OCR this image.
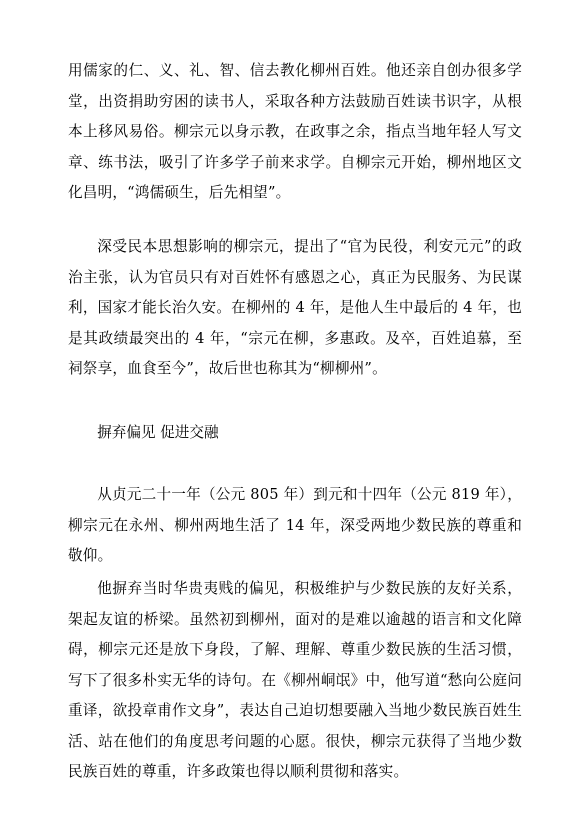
用儒家的仁、义、礼、智、信去教化柳州百姓。他还亲自创办很多学堂，出资捐助穷困的读书人，采取各种方法鼓励百姓读书识字，从根本上移风易俗。柳宗元以身示教，在政事之余，指点当地年轻人写文章、练书法，吸引了许多学子前来求学。自柳宗元开始，柳州地区文化昌明，“鸿儒硕生，后先相望”。

深受民本思想影响的柳宗元，提出了“官为民役，利安元元”的政治主张，认为官员只有对百姓怀有感恩之心，真正为民服务、为民谋利，国家才能长治久安。在柳州的 4 年，是他人生中最后的 4 年，也是其政绩最突出的 4 年，“宗元在柳，多惠政。及卒，百姓追慕，至祠祭享，血食至今”，故后世也称其为“柳柳州”。

摒弃偏见 促进交融

从贞元二十一年（公元 805 年）到元和十四年（公元 819 年），柳宗元在永州、柳州两地生活了 14 年，深受两地少数民族的尊重和敬仰。

他摒弃当时华贵夷贱的偏见，积极维护与少数民族的友好关系，架起友谊的桥梁。虽然初到柳州，面对的是难以逾越的语言和文化障碍，柳宗元还是放下身段，了解、理解、尊重少数民族的生活习惯，写下了很多朴实无华的诗句。在《柳州峒氓》中，他写道“愁向公庭问重译，欲投章甫作文身”，表达自己迫切想要融入当地少数民族百姓生活、站在他们的角度思考问题的心愿。很快，柳宗元获得了当地少数民族百姓的尊重，许多政策也得以顺利贯彻和落实。
